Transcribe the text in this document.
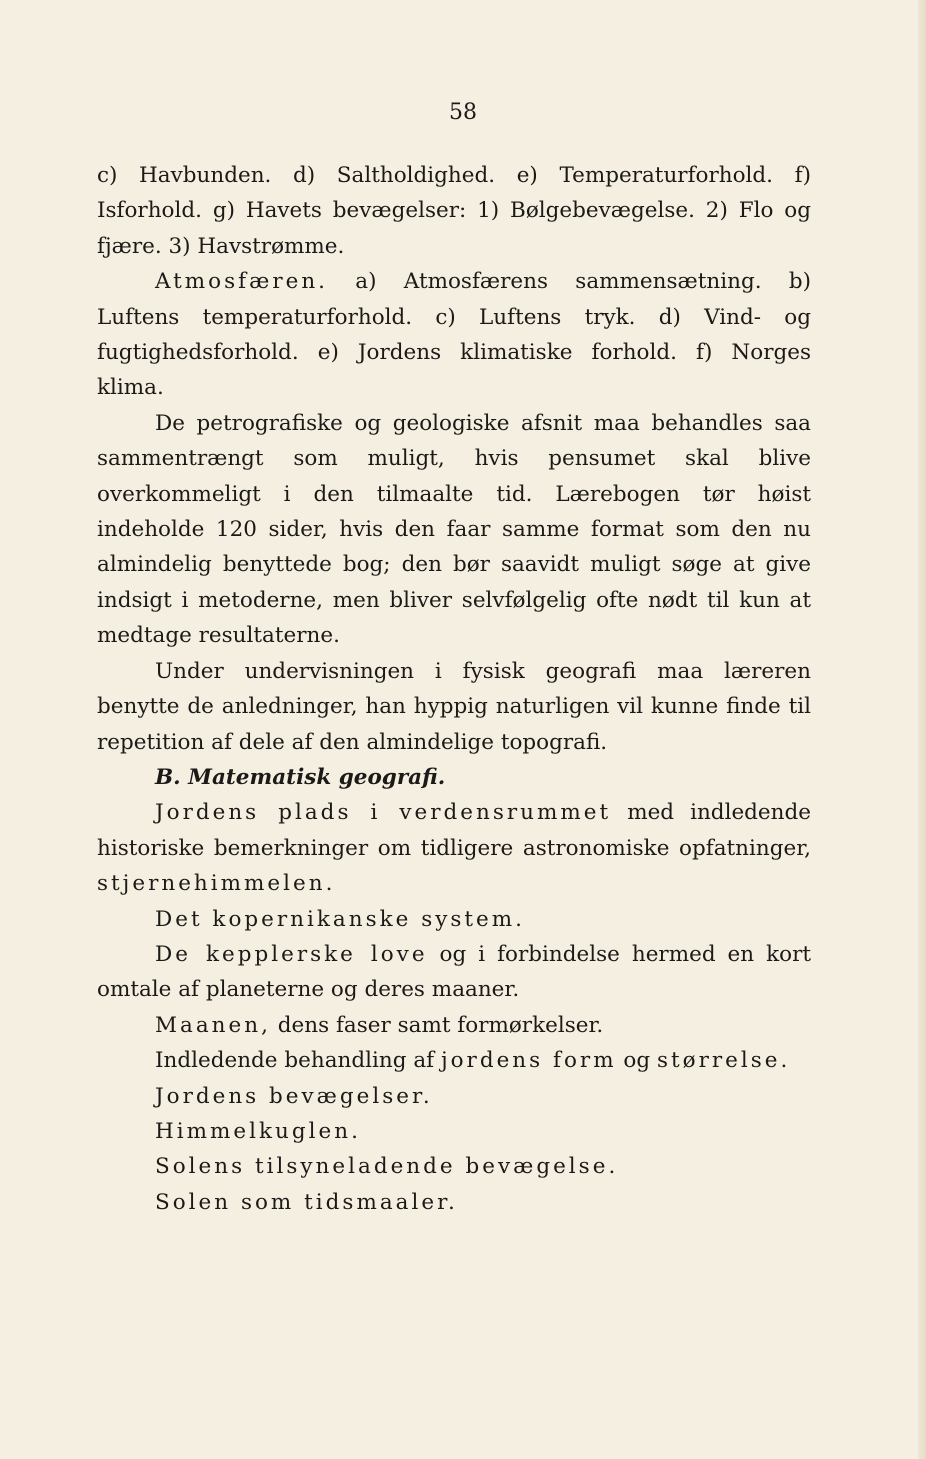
58

c) Havbunden. d) Saltholdighed. e) Temperaturforhold. f) Isforhold. g) Havets bevægelser: 1) Bølgebevægelse. 2) Flo og fjære. 3) Havstrømme.

Atmosfæren. a) Atmosfærens sammensætning. b) Luftens temperaturforhold. c) Luftens tryk. d) Vind- og fugtighedsforhold. e) Jordens klimatiske forhold. f) Norges klima.

De petrografiske og geologiske afsnit maa behandles saa sammentrængt som muligt, hvis pensumet skal blive overkommeligt i den tilmaalte tid. Lærebogen tør høist indeholde 120 sider, hvis den faar samme format som den nu almindelig benyttede bog; den bør saavidt muligt søge at give indsigt i metoderne, men bliver selvfølgelig ofte nødt til kun at medtage resultaterne.

Under undervisningen i fysisk geografi maa læreren benytte de anledninger, han hyppig naturligen vil kunne finde til repetition af dele af den almindelige topografi.

B. Matematisk geografi.

Jordens plads i verdensrummet med indledende historiske bemerkninger om tidligere astronomiske opfatninger, stjernehimmelen.

Det kopernikanske system.

De kepplerske love og i forbindelse hermed en kort omtale af planeterne og deres maaner.

Maanen, dens faser samt formørkelser.

Indledende behandling af jordens form og størrelse.

Jordens bevægelser.

Himmelkuglen.

Solens tilsyneladende bevægelse.

Solen som tidsmaaler.
